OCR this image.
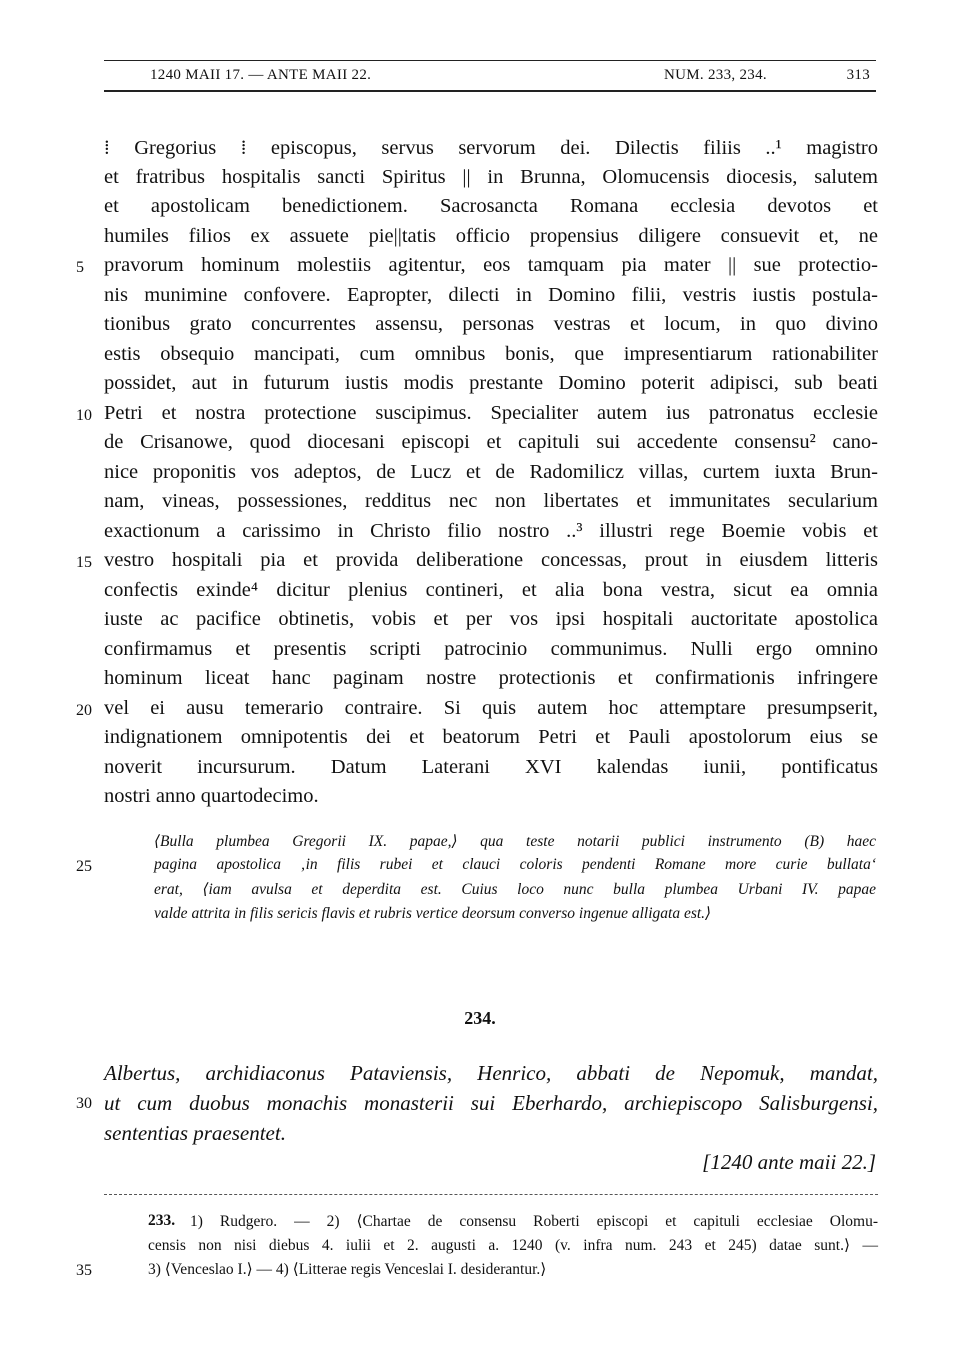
1240 MAII 17. — ANTE MAII 22.	NUM. 233, 234.	313
⁞ Gregorius ⁞ episcopus, servus servorum dei. Dilectis filiis ..¹ magistro
et fratribus hospitalis sancti Spiritus || in Brunna, Olomucensis diocesis, salutem
et apostolicam benedictionem. Sacrosancta Romana ecclesia devotos et
humiles filios ex assuete pie||tatis officio propensius diligere consuevit et, ne
pravorum hominum molestiis agitentur, eos tamquam pia mater || sue protectio-
nis munimine confovere. Eapropter, dilecti in Domino filii, vestris iustis postula-
tionibus grato concurrentes assensu, personas vestras et locum, in quo divino
estis obsequio mancipati, cum omnibus bonis, que impresentiarum rationabiliter
possidet, aut in futurum iustis modis prestante Domino poterit adipisci, sub beati
Petri et nostra protectione suscipimus. Specialiter autem ius patronatus ecclesie
de Crisanowe, quod diocesani episcopi et capituli sui accedente consensu² cano-
nice proponitis vos adeptos, de Lucz et de Radomilicz villas, curtem iuxta Brun-
nam, vineas, possessiones, redditus nec non libertates et immunitates secularium
exactionum a carissimo in Christo filio nostro ..³ illustri rege Boemie vobis et
vestro hospitali pia et provida deliberatione concessas, prout in eiusdem litteris
confectis exinde⁴ dicitur plenius contineri, et alia bona vestra, sicut ea omnia
iuste ac pacifice obtinetis, vobis et per vos ipsi hospitali auctoritate apostolica
confirmamus et presentis scripti patrocinio communimus. Nulli ergo omnino
hominum liceat hanc paginam nostre protectionis et confirmationis infringere
vel ei ausu temerario contraire. Si quis autem hoc attemptare presumpserit,
indignationem omnipotentis dei et beatorum Petri et Pauli apostolorum eius se
noverit incursurum. Datum Laterani XVI kalendas iunii, pontificatus
nostri anno quartodecimo.
5
10
15
20
⟨Bulla plumbea Gregorii IX. papae,⟩ qua teste notarii publici instrumento (B) haec
pagina apostolica ‚in filis rubei et clauci coloris pendenti Romane more curie bullata‘
erat, ⟨iam avulsa et deperdita est. Cuius loco nunc bulla plumbea Urbani IV. papae
valde attrita in filis sericis flavis et rubris vertice deorsum converso ingenue alligata est.⟩
25
234.
Albertus, archidiaconus Pataviensis, Henrico, abbati de Nepomuk, mandat,
ut cum duobus monachis monasterii sui Eberhardo, archiepiscopo Salisburgensi,
sententias praesentet.
30
[1240 ante maii 22.]
233. 1) Rudgero. — 2) ⟨Chartae de consensu Roberti episcopi et capituli ecclesiae Olomu-
censis non nisi diebus 4. iulii et 2. augusti a. 1240 (v. infra num. 243 et 245) datae sunt.⟩ —
3) ⟨Venceslao I.⟩ — 4) ⟨Litterae regis Venceslai I. desiderantur.⟩
35
